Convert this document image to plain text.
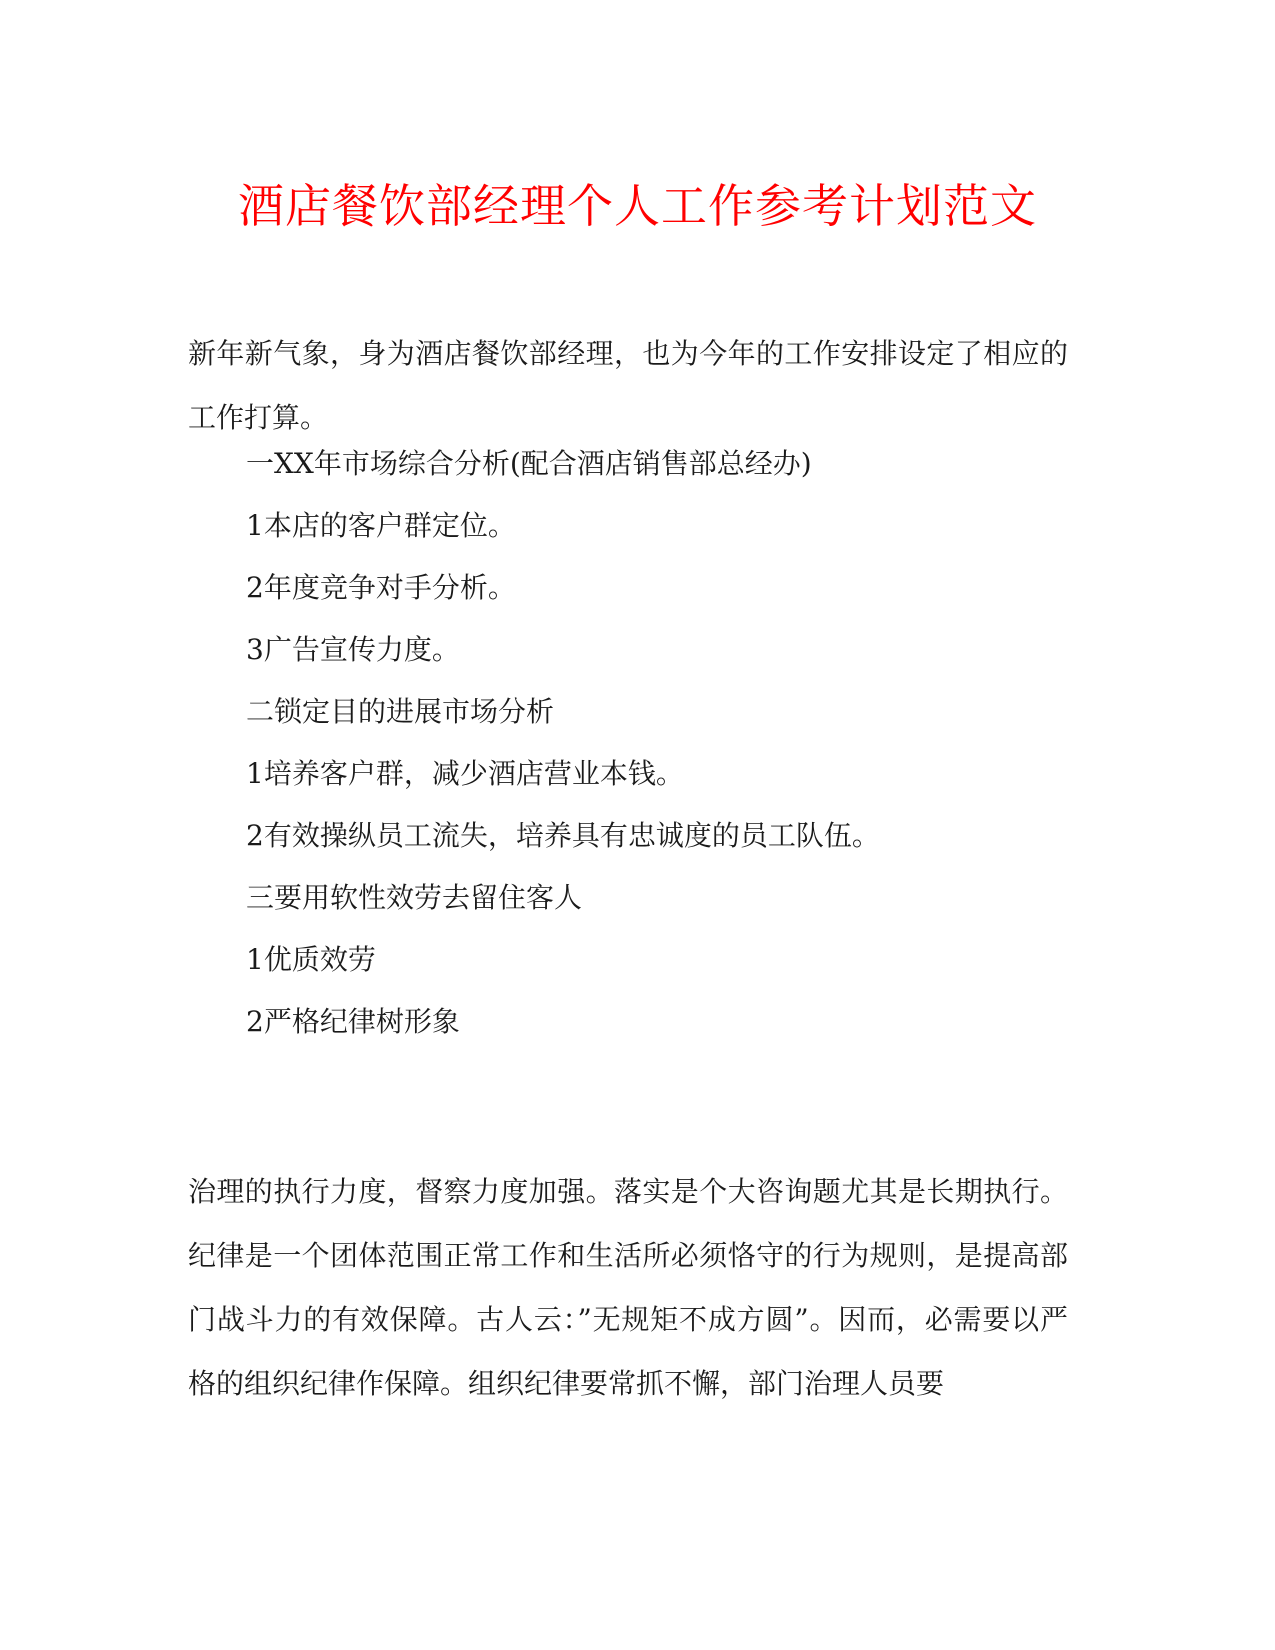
酒店餐饮部经理个人工作参考计划范文

新年新气象，身为酒店餐饮部经理，也为今年的工作安排设定了相应的工作打算。

一XX年市场综合分析(配合酒店销售部总经办)

1本店的客户群定位。

2年度竞争对手分析。

3广告宣传力度。

二锁定目的进展市场分析

1培养客户群，减少酒店营业本钱。

2有效操纵员工流失，培养具有忠诚度的员工队伍。

三要用软性效劳去留住客人

1优质效劳

2严格纪律树形象

治理的执行力度，督察力度加强。落实是个大咨询题尤其是长期执行。纪律是一个团体范围正常工作和生活所必须恪守的行为规则，是提高部门战斗力的有效保障。古人云：”无规矩不成方圆”。因而，必需要以严格的组织纪律作保障。组织纪律要常抓不懈，部门治理人员要
